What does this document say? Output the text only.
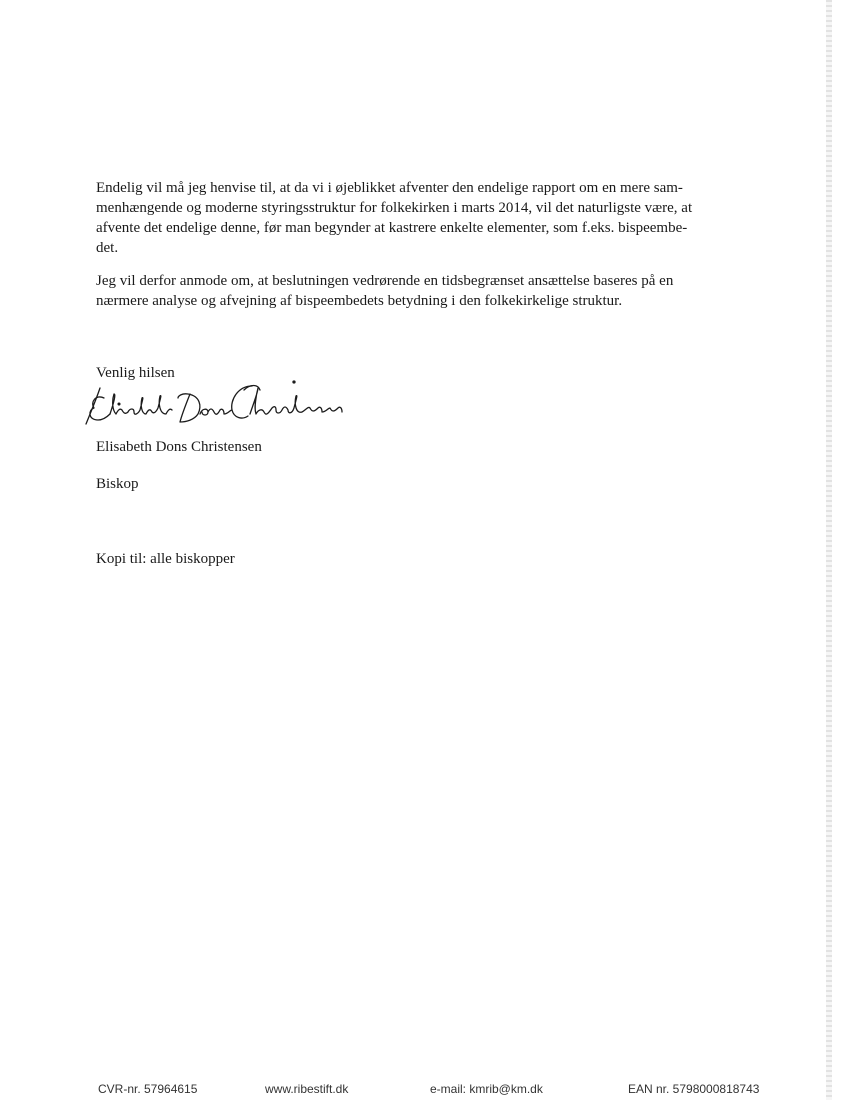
Endelig vil må jeg henvise til, at da vi i øjeblikket afventer den endelige rapport om en mere sam-
menhængende og moderne styringsstruktur for folkekirken i marts 2014, vil det naturligste være, at
afvente det endelige denne, før man begynder at kastrere enkelte elementer, som f.eks. bispeembe-
det.

Jeg vil derfor anmode om, at beslutningen vedrørende en tidsbegrænset ansættelse baseres på en
nærmere analyse og afvejning af bispeembedets betydning i den folkekirkelige struktur.

Venlig hilsen

Elisabeth Dons Christensen

Biskop

Kopi til: alle biskopper

CVR-nr. 57964615	www.ribestift.dk	e-mail: kmrib@km.dk	EAN nr. 5798000818743
